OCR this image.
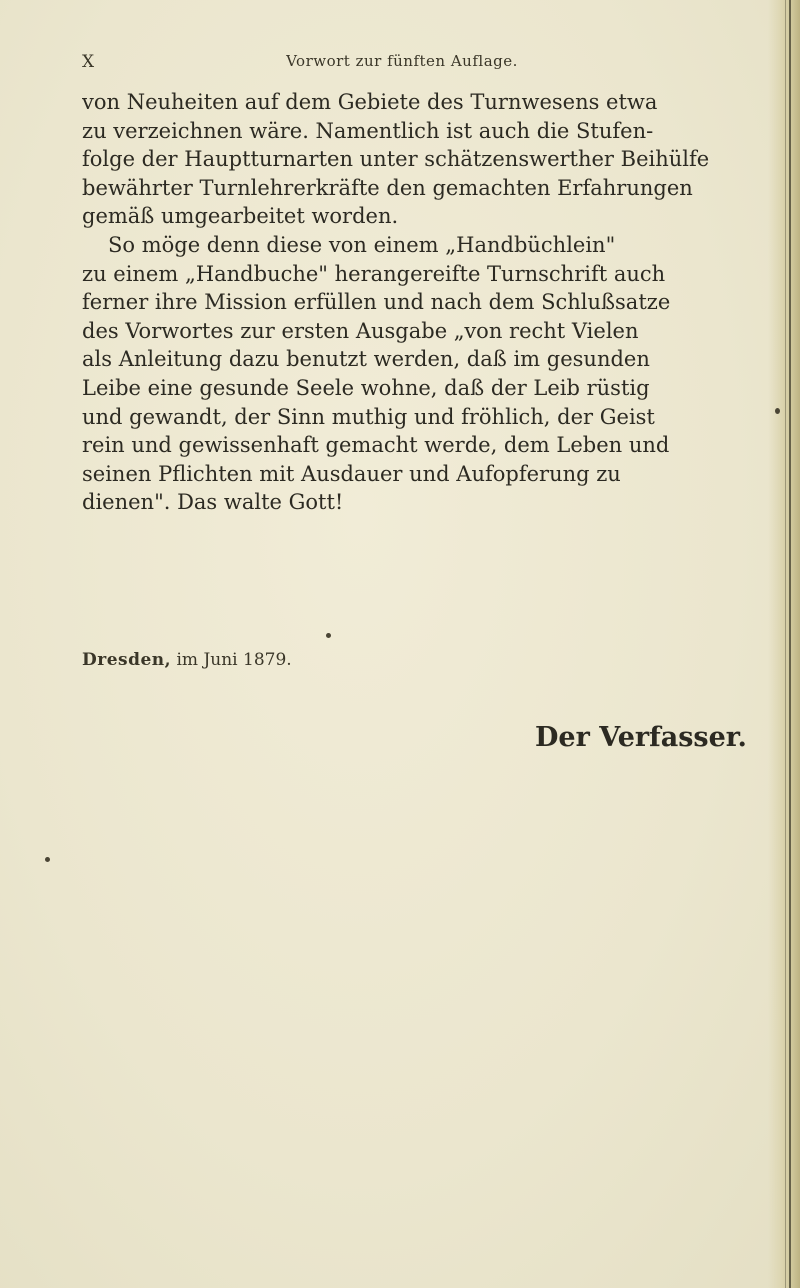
X	Vorwort zur fünften Auflage.
von Neuheiten auf dem Gebiete des Turnwesens etwa
zu verzeichnen wäre. Namentlich ist auch die Stufen-
folge der Hauptturnarten unter schätzenswerther Beihülfe
bewährter Turnlehrerkräfte den gemachten Erfahrungen
gemäß umgearbeitet worden.
So möge denn diese von einem „Handbüchlein"
zu einem „Handbuche" herangereifte Turnschrift auch
ferner ihre Mission erfüllen und nach dem Schlußsatze
des Vorwortes zur ersten Ausgabe „von recht Vielen
als Anleitung dazu benutzt werden, daß im gesunden
Leibe eine gesunde Seele wohne, daß der Leib rüstig
und gewandt, der Sinn muthig und fröhlich, der Geist
rein und gewissenhaft gemacht werde, dem Leben und
seinen Pflichten mit Ausdauer und Aufopferung zu
dienen". Das walte Gott!
Dresden, im Juni 1879.
Der Verfasser.
